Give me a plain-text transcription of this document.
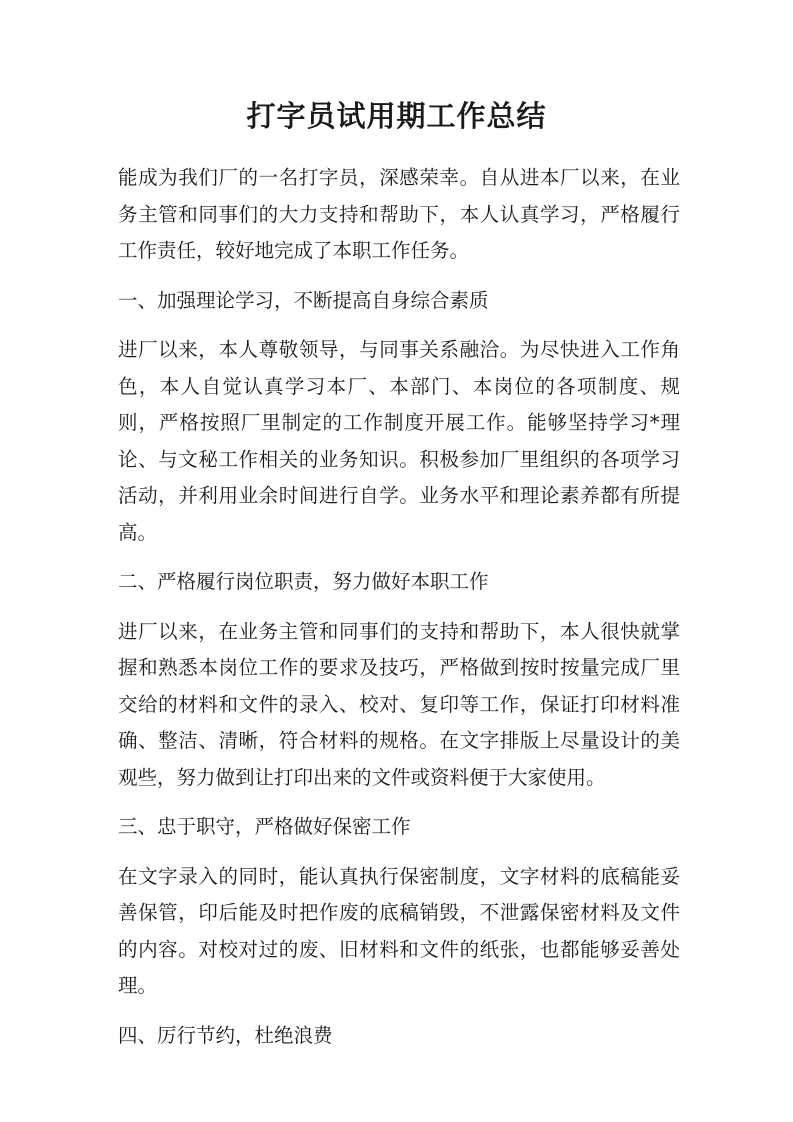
打字员试用期工作总结

能成为我们厂的一名打字员，深感荣幸。自从进本厂以来，在业务主管和同事们的大力支持和帮助下，本人认真学习，严格履行工作责任，较好地完成了本职工作任务。

一、加强理论学习，不断提高自身综合素质

进厂以来，本人尊敬领导，与同事关系融洽。为尽快进入工作角色，本人自觉认真学习本厂、本部门、本岗位的各项制度、规则，严格按照厂里制定的工作制度开展工作。能够坚持学习*理论、与文秘工作相关的业务知识。积极参加厂里组织的各项学习活动，并利用业余时间进行自学。业务水平和理论素养都有所提高。

二、严格履行岗位职责，努力做好本职工作

进厂以来，在业务主管和同事们的支持和帮助下，本人很快就掌握和熟悉本岗位工作的要求及技巧，严格做到按时按量完成厂里交给的材料和文件的录入、校对、复印等工作，保证打印材料准确、整洁、清晰，符合材料的规格。在文字排版上尽量设计的美观些，努力做到让打印出来的文件或资料便于大家使用。

三、忠于职守，严格做好保密工作

在文字录入的同时，能认真执行保密制度，文字材料的底稿能妥善保管，印后能及时把作废的底稿销毁，不泄露保密材料及文件的内容。对校对过的废、旧材料和文件的纸张，也都能够妥善处理。

四、厉行节约，杜绝浪费
